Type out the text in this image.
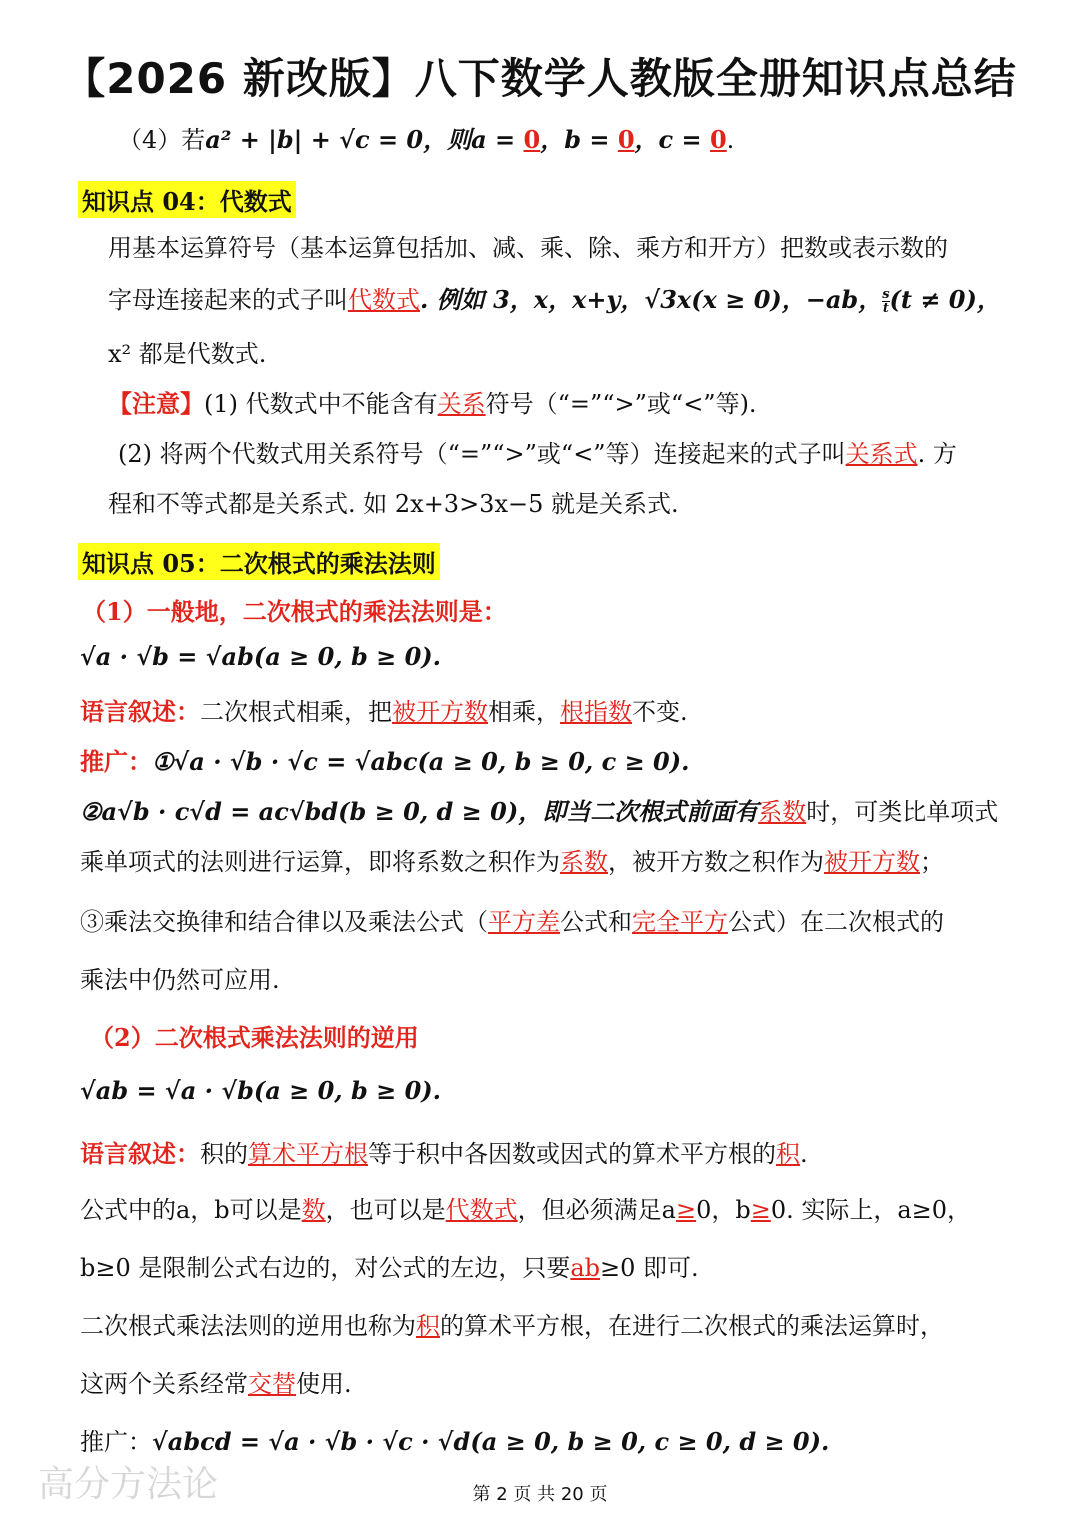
【2026 新改版】八下数学人教版全册知识点总结
（4）若a² + |b| + √c = 0，则a = 0，b = 0，c = 0.
知识点 04：代数式
用基本运算符号（基本运算包括加、减、乘、除、乘方和开方）把数或表示数的
字母连接起来的式子叫代数式. 例如 3，x，x+y，√3x(x ≥ 0)，−ab， $\frac{s}{t} (t \ne 0)$，
x² 都是代数式.
【注意】(1) 代数式中不能含有关系符号（“=”“>”或“<”等).
(2) 将两个代数式用关系符号（“=”“>”或“<”等）连接起来的式子叫关系式. 方
程和不等式都是关系式. 如 2x+3>3x−5 就是关系式.
知识点 05：二次根式的乘法法则
（1）一般地，二次根式的乘法法则是：
√a · √b = √ab(a ≥ 0, b ≥ 0).
语言叙述：二次根式相乘，把被开方数相乘，根指数不变.
推广：①√a · √b · √c = √abc(a ≥ 0, b ≥ 0, c ≥ 0).
②a√b · c√d = ac√bd(b ≥ 0, d ≥ 0)，即当二次根式前面有系数时，可类比单项式
乘单项式的法则进行运算，即将系数之积作为系数，被开方数之积作为被开方数；
③乘法交换律和结合律以及乘法公式（平方差公式和完全平方公式）在二次根式的
乘法中仍然可应用.
（2）二次根式乘法法则的逆用
√ab = √a · √b(a ≥ 0, b ≥ 0).
语言叙述：积的算术平方根等于积中各因数或因式的算术平方根的积.
公式中的a，b可以是数，也可以是代数式，但必须满足a≥0，b≥0. 实际上，a≥0，
b≥0 是限制公式右边的，对公式的左边，只要ab≥0 即可.
二次根式乘法法则的逆用也称为积的算术平方根，在进行二次根式的乘法运算时，
这两个关系经常交替使用.
推广：√abcd = √a · √b · √c · √d(a ≥ 0, b ≥ 0, c ≥ 0, d ≥ 0).
高分方法论	第 2 页 共 20 页
